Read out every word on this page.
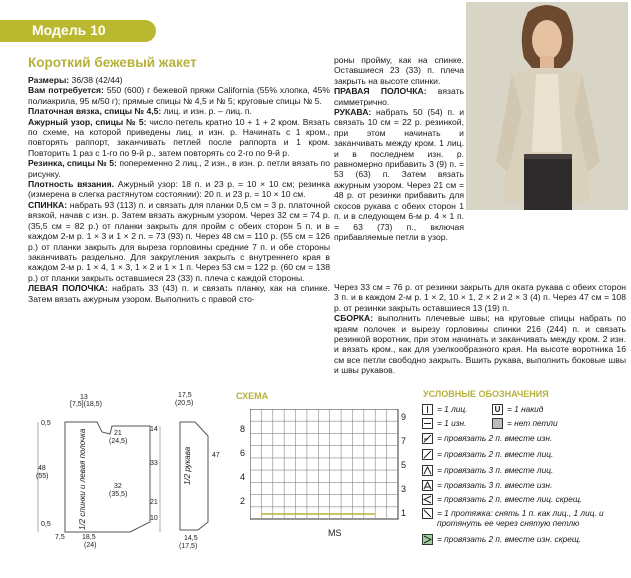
Модель 10
Короткий бежевый жакет

Размеры: 36/38 (42/44)

Вам потребуется: 550 (600) г бежевой пряжи California (55% хлопка, 45% полиакрила, 95 м/50 г); прямые спицы № 4,5 и № 5; круговые спицы № 5.

Платочная вязка, спицы № 4,5: лиц. и изн. р. – лиц. п.

Ажурный узор, спицы № 5: число петель кратно 10 + 1 + 2 кром. Вязать по схеме, на которой приведены лиц. и изн. р. Начинать с 1 кром., повторять раппорт, заканчивать петлей после раппорта и 1 кром. Повторить 1 раз с 1-го по 9-й р., затем повторять со 2-го по 9-й р.

Резинка, спицы № 5: попеременно 2 лиц., 2 изн., в изн. р. петли вязать по рисунку.

Плотность вязания. Ажурный узор: 18 п. и 23 р. = 10 × 10 см; резинка (измерена в слегка растянутом состоянии): 20 п. и 23 р. = 10 × 10 см.

СПИНКА: набрать 93 (113) п. и связать для планки 0,5 см = 3 р. платочной вязкой, начав с изн. р. Затем вязать ажурным узором. Через 32 см = 74 р. (35,5 см = 82 р.) от планки закрыть для пройм с обеих сторон 5 п. и в каждом 2-м р. 1 × 3 и 1 × 2 п. = 73 (93) п. Через 48 см = 110 р. (55 см = 126 р.) от планки закрыть для выреза горловины средние 7 п. и обе стороны заканчивать раздельно. Для закругления закрыть с внутреннего края в каждом 2-м р. 1 × 4, 1 × 3, 1 × 2 и 1 × 1 п. Через 53 см = 122 р. (60 см = 138 р.) от планки закрыть оставшиеся 23 (33) п. плеча с каждой стороны.

ЛЕВАЯ ПОЛОЧКА: набрать 33 (43) п. и связать планку, как на спинке. Затем вязать ажурным узором. Выполнить с правой сто-

роны пройму, как на спинке. Оставшиеся 23 (33) п. плеча закрыть на высоте спинки.

ПРАВАЯ ПОЛОЧКА: вязать симметрично.

РУКАВА: набрать 50 (54) п. и связать 10 см = 22 р. резинкой, при этом начинать и заканчивать между кром. 1 лиц. и в последнем изн. р. равномерно прибавить 3 (9) п. = 53 (63) п. Затем вязать ажурным узором. Через 21 см = 48 р. от резинки прибавить для скосов рукава с обеих сторон 1 п. и в следующем 6-м р. 4 × 1 п. = 63 (73) п., включая прибавляемые петли в узор.

Через 33 см = 76 р. от резинки закрыть для оката рукава с обеих сторон 3 п. и в каждом 2-м р. 1 × 2, 10 × 1, 2 × 2 и 2 × 3 (4) п. Через 47 см = 108 р. от резинки закрыть оставшиеся 13 (19) п.

СБОРКА: выполнить плечевые швы; на круговые спицы набрать по краям полочек и вырезу горловины спинки 216 (244) п. и связать резинкой воротник, при этом начинать и заканчивать между кром. 2 изн. и вязать кром., как для узелкообразного края. На высоте воротника 16 см все петли свободно закрыть. Вшить рукава, выполнить боковые швы и швы рукавов.

13
[7,5](18,5)
0,5
21
(24,5)
48
(55)
32
(35,5)
0,5
7,5 18,5
(24)
1/2 спинки и левая полочка
17,5
(20,5)
14
47
33
21
10
14,5
(17,5)
1/2 рукава
СХЕМА
9
7
5
3
1
8
6
4
2
MS
УСЛОВНЫЕ ОБОЗНАЧЕНИЯ
= 1 лиц.	U = 1 накид
= 1 изн.	= нет петли
= провязать 2 п. вместе изн.
= провязать 2 п. вместе лиц.
= провязать 3 п. вместе лиц.
= провязать 3 п. вместе изн.
= провязать 2 п. вместе лиц. скрещ.
= 1 протяжка: снять 1 п. как лиц., 1 лиц. и протянуть ее через снятую петлю
= провязать 2 п. вместе изн. скрещ.
